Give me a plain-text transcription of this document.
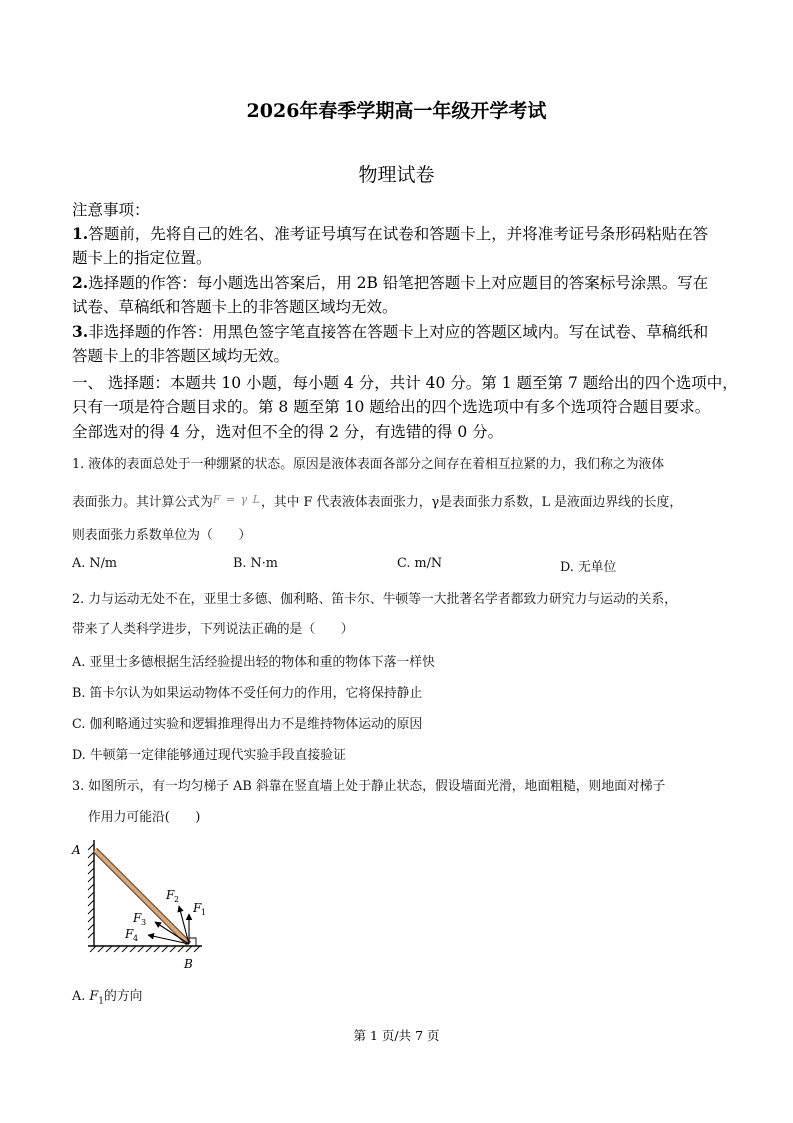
2026年春季学期高一年级开学考试
物理试卷
注意事项：
1.答题前，先将自己的姓名、准考证号填写在试卷和答题卡上，并将准考证号条形码粘贴在答
题卡上的指定位置。
2.选择题的作答：每小题选出答案后，用 2B 铅笔把答题卡上对应题目的答案标号涂黑。写在
试卷、草稿纸和答题卡上的非答题区域均无效。
3.非选择题的作答：用黑色签字笔直接答在答题卡上对应的答题区域内。写在试卷、草稿纸和
答题卡上的非答题区域均无效。
一、 选择题：本题共 10 小题，每小题 4 分，共计 40 分。第 1 题至第 7 题给出的四个选项中，
只有一项是符合题目求的。第 8 题至第 10 题给出的四个选选项中有多个选项符合题目要求。
全部选对的得 4 分，选对但不全的得 2 分，有选错的得 0 分。
1. 液体的表面总处于一种绷紧的状态。原因是液体表面各部分之间存在着相互拉紧的力，我们称之为液体
表面张力。其计算公式为F = γ L，其中 F 代表液体表面张力，γ是表面张力系数，L 是液面边界线的长度，
则表面张力系数单位为（　　）
A. N/m	B. N·m	C. m/N	D. 无单位
2. 力与运动无处不在，亚里士多德、伽利略、笛卡尔、牛顿等一大批著名学者都致力研究力与运动的关系，
带来了人类科学进步，下列说法正确的是（　　）
A. 亚里士多德根据生活经验提出轻的物体和重的物体下落一样快
B. 笛卡尔认为如果运动物体不受任何力的作用，它将保持静止
C. 伽利略通过实验和逻辑推理得出力不是维持物体运动的原因
D. 牛顿第一定律能够通过现代实验手段直接验证
3. 如图所示，有一均匀梯子 AB 斜靠在竖直墙上处于静止状态，假设墙面光滑，地面粗糙，则地面对梯子
作用力可能沿(　　)
A
B
F
F
F
F
1
2
3
4
A. $F_1$的方向
第 1 页/共 7 页
